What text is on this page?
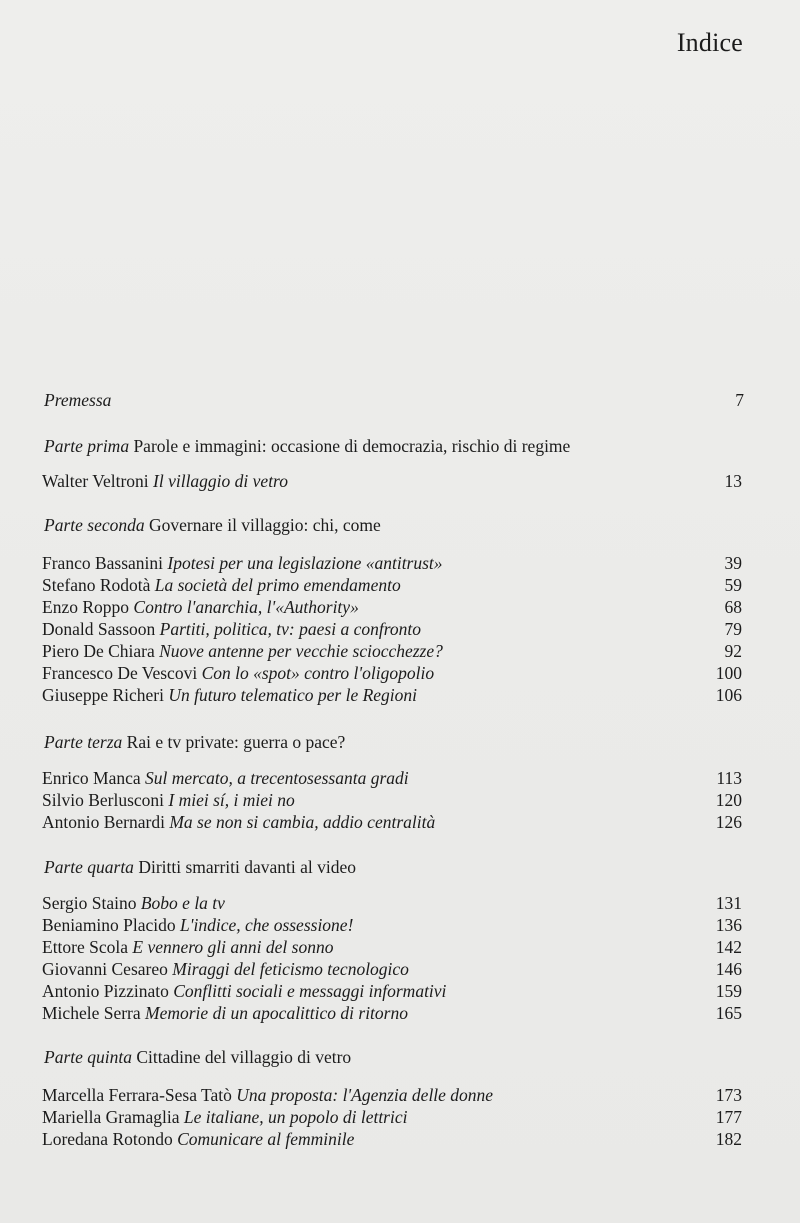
Indice
Premessa	7
Parte prima Parole e immagini: occasione di democrazia, rischio di regime
Walter Veltroni Il villaggio di vetro	13
Parte seconda Governare il villaggio: chi, come
Franco Bassanini Ipotesi per una legislazione «antitrust»	39
Stefano Rodotà La società del primo emendamento	59
Enzo Roppo Contro l'anarchia, l'«Authority»	68
Donald Sassoon Partiti, politica, tv: paesi a confronto	79
Piero De Chiara Nuove antenne per vecchie sciocchezze?	92
Francesco De Vescovi Con lo «spot» contro l'oligopolio	100
Giuseppe Richeri Un futuro telematico per le Regioni	106
Parte terza Rai e tv private: guerra o pace?
Enrico Manca Sul mercato, a trecentosessanta gradi	113
Silvio Berlusconi I miei sí, i miei no	120
Antonio Bernardi Ma se non si cambia, addio centralità	126
Parte quarta Diritti smarriti davanti al video
Sergio Staino Bobo e la tv	131
Beniamino Placido L'indice, che ossessione!	136
Ettore Scola E vennero gli anni del sonno	142
Giovanni Cesareo Miraggi del feticismo tecnologico	146
Antonio Pizzinato Conflitti sociali e messaggi informativi	159
Michele Serra Memorie di un apocalittico di ritorno	165
Parte quinta Cittadine del villaggio di vetro
Marcella Ferrara-Sesa Tatò Una proposta: l'Agenzia delle donne	173
Mariella Gramaglia Le italiane, un popolo di lettrici	177
Loredana Rotondo Comunicare al femminile	182
